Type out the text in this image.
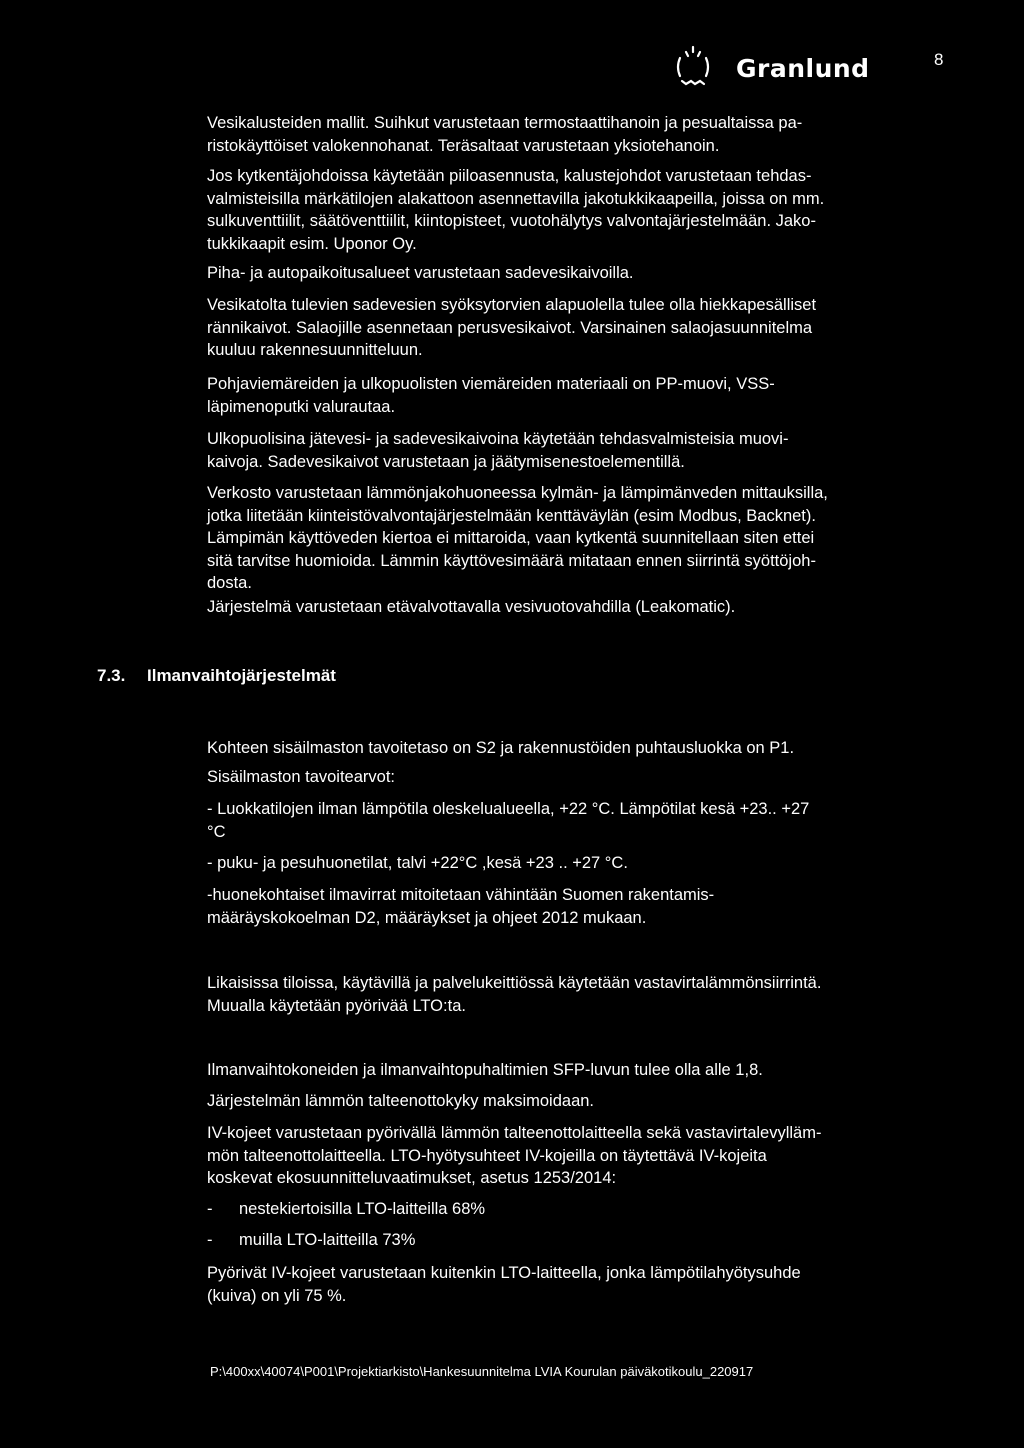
Granlund	8

Vesikalusteiden mallit. Suihkut varustetaan termostaattihanoin ja pesualtaissa pa-
ristokäyttöiset valokennohanat. Teräsaltaat varustetaan yksiotehanoin.

Jos kytkentäjohdoissa käytetään piiloasennusta, kalustejohdot varustetaan tehdas-
valmisteisilla märkätilojen alakattoon asennettavilla jakotukkikaapeilla, joissa on mm.
sulkuventtiilit, säätöventtiilit, kiintopisteet, vuotohälytys valvontajärjestelmään. Jako-
tukkikaapit esim. Uponor Oy.

Piha- ja autopaikoitusalueet varustetaan sadevesikaivoilla.

Vesikatolta tulevien sadevesien syöksytorvien alapuolella tulee olla hiekkapesälliset
rännikaivot. Salaojille asennetaan perusvesikaivot. Varsinainen salaojasuunnitelma
kuuluu rakennesuunnitteluun.

Pohjaviemäreiden ja ulkopuolisten viemäreiden materiaali on PP-muovi, VSS-
läpimenoputki valurautaa.

Ulkopuolisina jätevesi- ja sadevesikaivoina käytetään tehdasvalmisteisia muovi-
kaivoja. Sadevesikaivot varustetaan ja jäätymisenestoelementillä.

Verkosto varustetaan lämmönjakohuoneessa kylmän- ja lämpimänveden mittauksilla,
jotka liitetään kiinteistövalvontajärjestelmään kenttäväylän (esim Modbus, Backnet).
Lämpimän käyttöveden kiertoa ei mittaroida, vaan kytkentä suunnitellaan siten ettei
sitä tarvitse huomioida. Lämmin käyttövesimäärä mitataan ennen siirrintä syöttöjoh-
dosta.

Järjestelmä varustetaan etävalvottavalla vesivuotovahdilla (Leakomatic).

7.3. Ilmanvaihtojärjestelmät

Kohteen sisäilmaston tavoitetaso on S2 ja rakennustöiden puhtausluokka on P1.

Sisäilmaston tavoitearvot:

- Luokkatilojen ilman lämpötila oleskelualueella, +22 °C. Lämpötilat kesä +23.. +27
°C

- puku- ja pesuhuonetilat, talvi +22°C ,kesä +23 .. +27 °C.

-huonekohtaiset ilmavirrat mitoitetaan vähintään Suomen rakentamis-
määräyskokoelman D2, määräykset ja ohjeet 2012 mukaan.

Likaisissa tiloissa, käytävillä ja palvelukeittiössä käytetään vastavirtalämmönsiirrintä.
Muualla käytetään pyörivää LTO:ta.

Ilmanvaihtokoneiden ja ilmanvaihtopuhaltimien SFP-luvun tulee olla alle 1,8.

Järjestelmän lämmön talteenottokyky maksimoidaan.

IV-kojeet varustetaan pyörivällä lämmön talteenottolaitteella sekä vastavirtalevylläm-
mön talteenottolaitteella. LTO-hyötysuhteet IV-kojeilla on täytettävä IV-kojeita
koskevat ekosuunnitteluvaatimukset, asetus 1253/2014:

- nestekiertoisilla LTO-laitteilla 68%

- muilla LTO-laitteilla 73%

Pyörivät IV-kojeet varustetaan kuitenkin LTO-laitteella, jonka lämpötilahyötysuhde
(kuiva) on yli 75 %.

P:\400xx\40074\P001\Projektiarkisto\Hankesuunnitelma LVIA Kourulan päiväkotikoulu_220917
